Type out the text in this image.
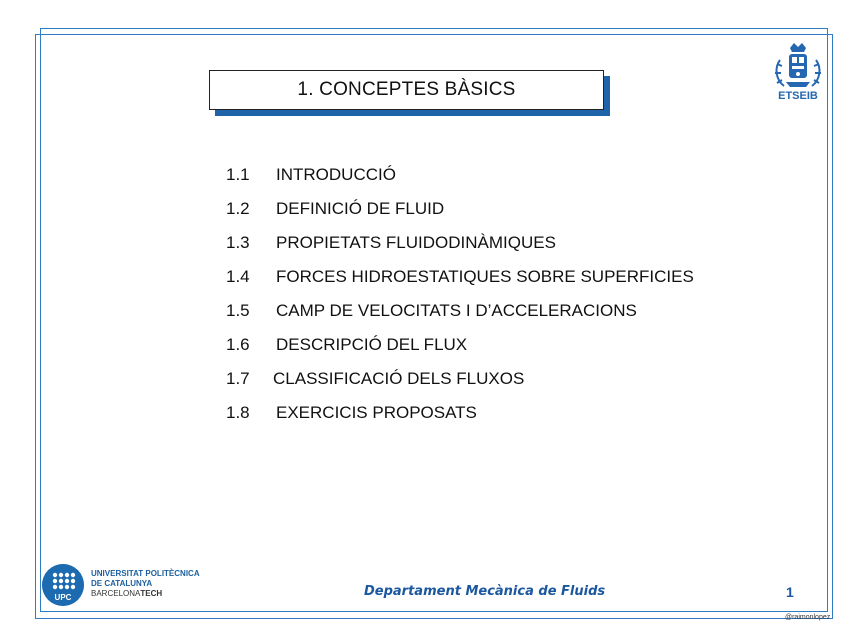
1. CONCEPTES BÀSICS
1.1	INTRODUCCIÓ
1.2	DEFINICIÓ DE FLUID
1.3	PROPIETATS FLUIDODINÀMIQUES
1.4	FORCES HIDROESTATIQUES SOBRE SUPERFICIES
1.5	CAMP DE VELOCITATS I D’ACCELERACIONS
1.6	DESCRIPCIÓ DEL FLUX
1.7	CLASSIFICACIÓ DELS FLUXOS
1.8	EXERCICIS PROPOSATS
ETSEIB
UPC
UNIVERSITAT POLITÈCNICA
DE CATALUNYA
BARCELONATECH	Departament Mecànica de Fluids	1
@raimonlopez
